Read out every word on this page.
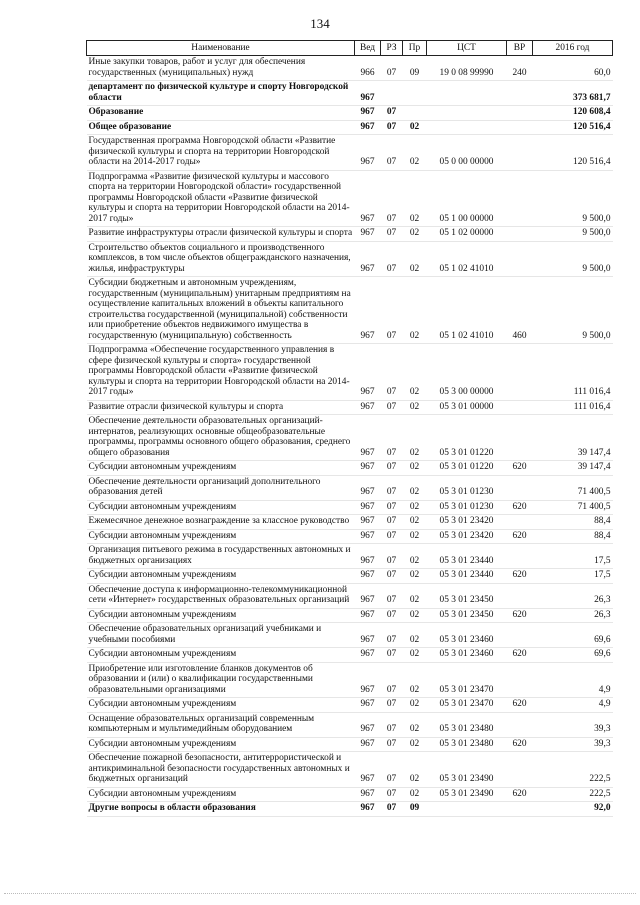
134
Наименование	Вед	РЗ	Пр	ЦСТ	ВР	2016 год
Иные закупки товаров, работ и услуг для обеспечения государственных (муниципальных) нужд	966	07	09	19 0 08 99990	240	60,0
департамент по физической культуре и спорту Новгородской области	967					373 681,7
Образование	967	07				120 608,4
Общее образование	967	07	02			120 516,4
Государственная программа Новгородской области «Развитие физической культуры и спорта на территории Новгородской области на 2014-2017 годы»	967	07	02	05 0 00 00000		120 516,4
Подпрограмма «Развитие физической культуры и массового спорта на территории Новгородской области» государственной программы Новгородской области «Развитие физической культуры и спорта на территории Новгородской области на 2014-2017 годы»	967	07	02	05 1 00 00000		9 500,0
Развитие инфраструктуры отрасли физической культуры и спорта	967	07	02	05 1 02 00000		9 500,0
Строительство объектов социального и производственного комплексов, в том числе объектов общегражданского назначения, жилья, инфраструктуры	967	07	02	05 1 02 41010		9 500,0
Субсидии бюджетным и автономным учреждениям, государственным (муниципальным) унитарным предприятиям на осуществление капитальных вложений в объекты капитального строительства государственной (муниципальной) собственности или приобретение объектов недвижимого имущества в государственную (муниципальную) собственность	967	07	02	05 1 02 41010	460	9 500,0
Подпрограмма «Обеспечение государственного управления в сфере физической культуры и спорта» государственной программы Новгородской области «Развитие физической культуры и спорта на территории Новгородской области на 2014-2017 годы»	967	07	02	05 3 00 00000		111 016,4
Развитие отрасли физической культуры и спорта	967	07	02	05 3 01 00000		111 016,4
Обеспечение деятельности образовательных организаций-интернатов, реализующих основные общеобразовательные программы, программы основного общего образования, среднего общего образования	967	07	02	05 3 01 01220		39 147,4
Субсидии автономным учреждениям	967	07	02	05 3 01 01220	620	39 147,4
Обеспечение деятельности организаций дополнительного образования детей	967	07	02	05 3 01 01230		71 400,5
Субсидии автономным учреждениям	967	07	02	05 3 01 01230	620	71 400,5
Ежемесячное денежное вознаграждение за классное руководство	967	07	02	05 3 01 23420		88,4
Субсидии автономным учреждениям	967	07	02	05 3 01 23420	620	88,4
Организация питьевого режима в государственных автономных и бюджетных организациях	967	07	02	05 3 01 23440		17,5
Субсидии автономным учреждениям	967	07	02	05 3 01 23440	620	17,5
Обеспечение доступа к информационно-телекоммуникационной сети «Интернет» государственных образовательных организаций	967	07	02	05 3 01 23450		26,3
Субсидии автономным учреждениям	967	07	02	05 3 01 23450	620	26,3
Обеспечение образовательных организаций учебниками и учебными пособиями	967	07	02	05 3 01 23460		69,6
Субсидии автономным учреждениям	967	07	02	05 3 01 23460	620	69,6
Приобретение или изготовление бланков документов об образовании и (или) о квалификации государственными образовательными организациями	967	07	02	05 3 01 23470		4,9
Субсидии автономным учреждениям	967	07	02	05 3 01 23470	620	4,9
Оснащение образовательных организаций современным компьютерным и мультимедийным оборудованием	967	07	02	05 3 01 23480		39,3
Субсидии автономным учреждениям	967	07	02	05 3 01 23480	620	39,3
Обеспечение пожарной безопасности, антитеррористической и антикриминальной безопасности государственных автономных и бюджетных организаций	967	07	02	05 3 01 23490		222,5
Субсидии автономным учреждениям	967	07	02	05 3 01 23490	620	222,5
Другие вопросы в области образования	967	07	09			92,0
